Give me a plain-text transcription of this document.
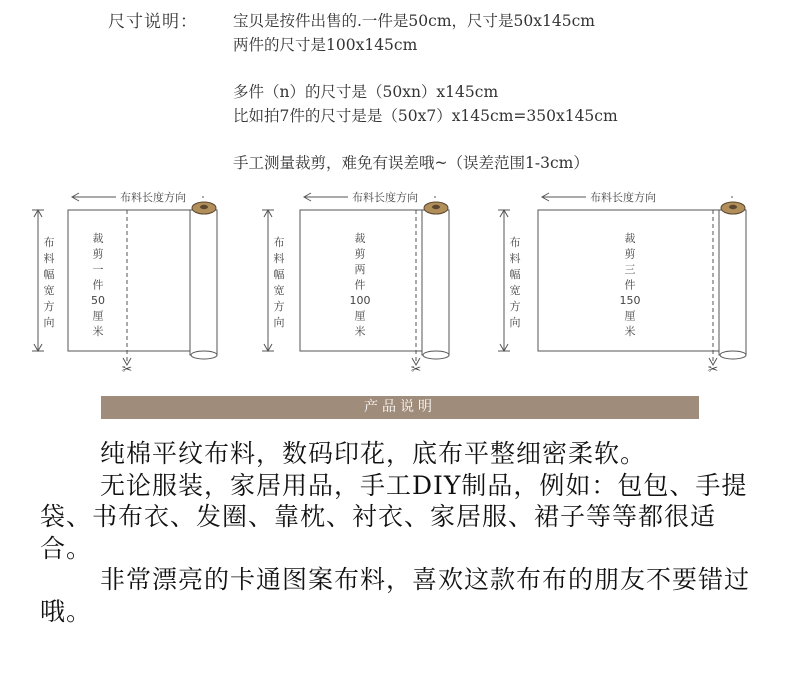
尺寸说明： 宝贝是按件出售的.一件是50cm，尺寸是50x145cm
两件的尺寸是100x145cm
多件（n）的尺寸是（50xn）x145cm
比如拍7件的尺寸是是（50x7）x145cm=350x145cm
手工测量裁剪，难免有误差哦~（误差范围1-3cm）
布
料
幅
宽
方
向
布料长度方向
✂
裁
剪
一
件
50
厘
米
布
料
幅
宽
方
向
布料长度方向
✂
裁
剪
两
件
100
厘
米
布
料
幅
宽
方
向
布料长度方向
✂
裁
剪
三
件
150
厘
米
产品说明

纯棉平纹布料，数码印花，底布平整细密柔软。

无论服装，家居用品，手工DIY制品，例如：包包、手提袋、书布衣、发圈、靠枕、衬衣、家居服、裙子等等都很适合。

非常漂亮的卡通图案布料，喜欢这款布布的朋友不要错过哦。
